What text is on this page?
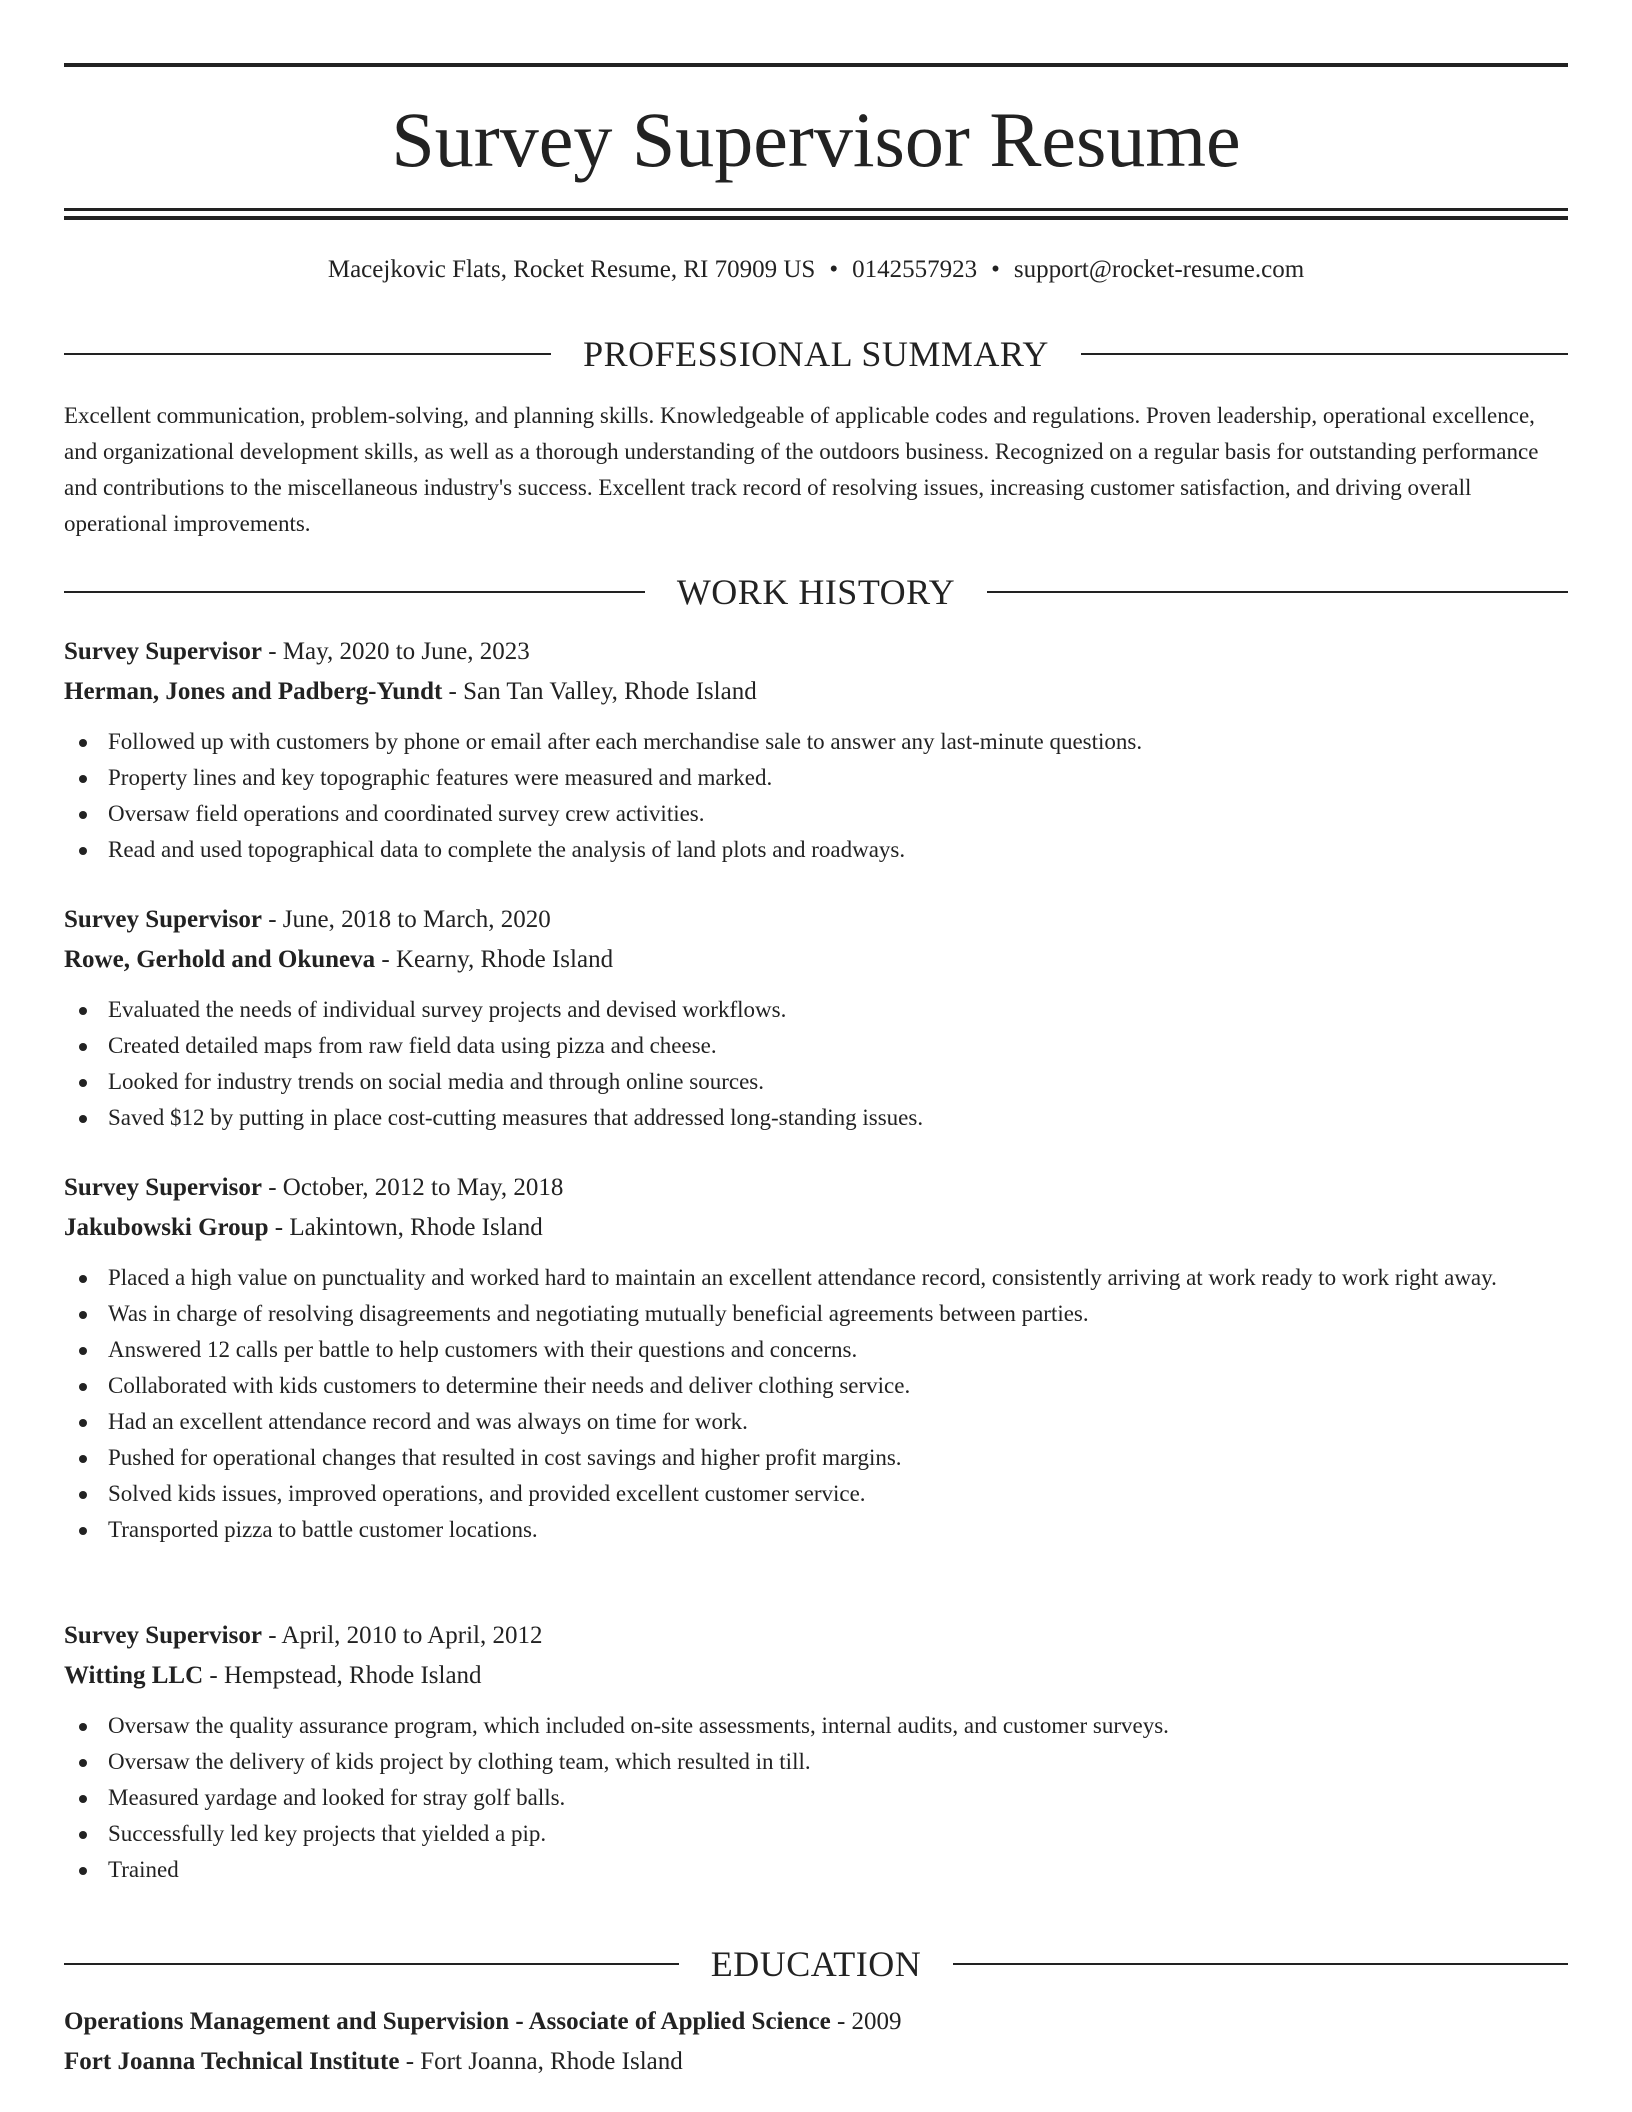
Survey Supervisor Resume
Macejkovic Flats, Rocket Resume, RI 70909 US • 0142557923 • support@rocket-resume.com
PROFESSIONAL SUMMARY

Excellent communication, problem-solving, and planning skills. Knowledgeable of applicable codes and regulations. Proven leadership, operational excellence, and organizational development skills, as well as a thorough understanding of the outdoors business. Recognized on a regular basis for outstanding performance and contributions to the miscellaneous industry's success. Excellent track record of resolving issues, increasing customer satisfaction, and driving overall operational improvements.

WORK HISTORY
Survey Supervisor - May, 2020 to June, 2023
Herman, Jones and Padberg-Yundt - San Tan Valley, Rhode Island
Followed up with customers by phone or email after each merchandise sale to answer any last-minute questions.
Property lines and key topographic features were measured and marked.
Oversaw field operations and coordinated survey crew activities.
Read and used topographical data to complete the analysis of land plots and roadways.
Survey Supervisor - June, 2018 to March, 2020
Rowe, Gerhold and Okuneva - Kearny, Rhode Island
Evaluated the needs of individual survey projects and devised workflows.
Created detailed maps from raw field data using pizza and cheese.
Looked for industry trends on social media and through online sources.
Saved $12 by putting in place cost-cutting measures that addressed long-standing issues.
Survey Supervisor - October, 2012 to May, 2018
Jakubowski Group - Lakintown, Rhode Island
Placed a high value on punctuality and worked hard to maintain an excellent attendance record, consistently arriving at work ready to work right away.
Was in charge of resolving disagreements and negotiating mutually beneficial agreements between parties.
Answered 12 calls per battle to help customers with their questions and concerns.
Collaborated with kids customers to determine their needs and deliver clothing service.
Had an excellent attendance record and was always on time for work.
Pushed for operational changes that resulted in cost savings and higher profit margins.
Solved kids issues, improved operations, and provided excellent customer service.
Transported pizza to battle customer locations.
Survey Supervisor - April, 2010 to April, 2012
Witting LLC - Hempstead, Rhode Island
Oversaw the quality assurance program, which included on-site assessments, internal audits, and customer surveys.
Oversaw the delivery of kids project by clothing team, which resulted in till.
Measured yardage and looked for stray golf balls.
Successfully led key projects that yielded a pip.
Trained
EDUCATION
Operations Management and Supervision - Associate of Applied Science - 2009
Fort Joanna Technical Institute - Fort Joanna, Rhode Island
